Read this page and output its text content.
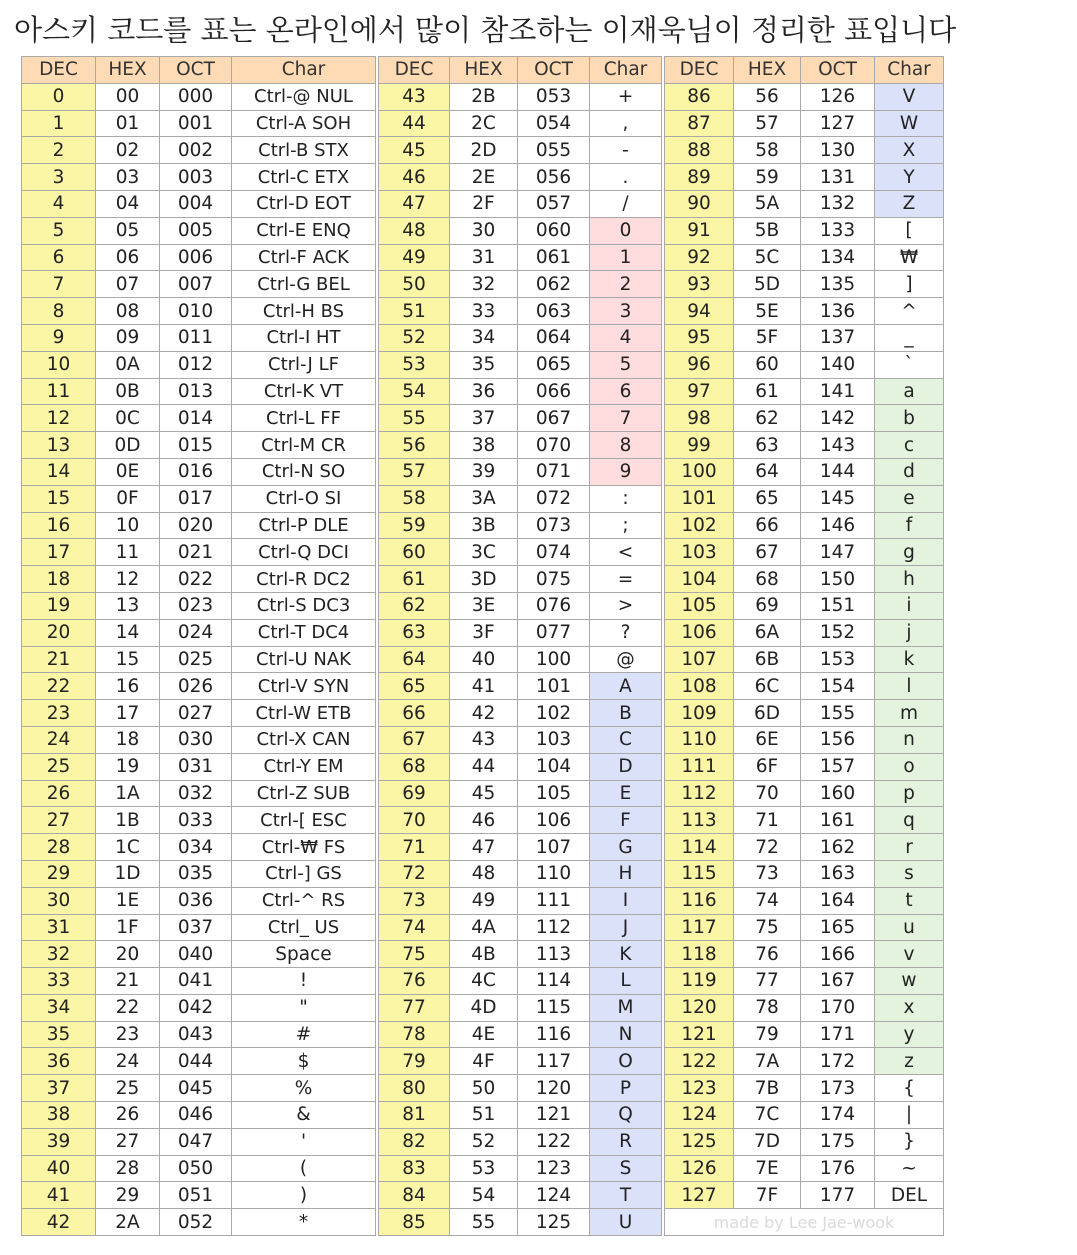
아스키 코드를 표는 온라인에서 많이 참조하는 이재욱님이 정리한 표입니다
DEC	HEX	OCT	Char		DEC	HEX	OCT	Char		DEC	HEX	OCT	Char
0	00	000	Ctrl-@ NUL		43	2B	053	+		86	56	126	V
1	01	001	Ctrl-A SOH		44	2C	054	,		87	57	127	W
2	02	002	Ctrl-B STX		45	2D	055	-		88	58	130	X
3	03	003	Ctrl-C ETX		46	2E	056	.		89	59	131	Y
4	04	004	Ctrl-D EOT		47	2F	057	/		90	5A	132	Z
5	05	005	Ctrl-E ENQ		48	30	060	0		91	5B	133	[
6	06	006	Ctrl-F ACK		49	31	061	1		92	5C	134	₩
7	07	007	Ctrl-G BEL		50	32	062	2		93	5D	135	]
8	08	010	Ctrl-H BS		51	33	063	3		94	5E	136	^
9	09	011	Ctrl-I HT		52	34	064	4		95	5F	137	_
10	0A	012	Ctrl-J LF		53	35	065	5		96	60	140	`
11	0B	013	Ctrl-K VT		54	36	066	6		97	61	141	a
12	0C	014	Ctrl-L FF		55	37	067	7		98	62	142	b
13	0D	015	Ctrl-M CR		56	38	070	8		99	63	143	c
14	0E	016	Ctrl-N SO		57	39	071	9		100	64	144	d
15	0F	017	Ctrl-O SI		58	3A	072	:		101	65	145	e
16	10	020	Ctrl-P DLE		59	3B	073	;		102	66	146	f
17	11	021	Ctrl-Q DCI		60	3C	074	<		103	67	147	g
18	12	022	Ctrl-R DC2		61	3D	075	=		104	68	150	h
19	13	023	Ctrl-S DC3		62	3E	076	>		105	69	151	i
20	14	024	Ctrl-T DC4		63	3F	077	?		106	6A	152	j
21	15	025	Ctrl-U NAK		64	40	100	@		107	6B	153	k
22	16	026	Ctrl-V SYN		65	41	101	A		108	6C	154	l
23	17	027	Ctrl-W ETB		66	42	102	B		109	6D	155	m
24	18	030	Ctrl-X CAN		67	43	103	C		110	6E	156	n
25	19	031	Ctrl-Y EM		68	44	104	D		111	6F	157	o
26	1A	032	Ctrl-Z SUB		69	45	105	E		112	70	160	p
27	1B	033	Ctrl-[ ESC		70	46	106	F		113	71	161	q
28	1C	034	Ctrl-₩ FS		71	47	107	G		114	72	162	r
29	1D	035	Ctrl-] GS		72	48	110	H		115	73	163	s
30	1E	036	Ctrl-^ RS		73	49	111	I		116	74	164	t
31	1F	037	Ctrl_ US		74	4A	112	J		117	75	165	u
32	20	040	Space		75	4B	113	K		118	76	166	v
33	21	041	!		76	4C	114	L		119	77	167	w
34	22	042	"		77	4D	115	M		120	78	170	x
35	23	043	#		78	4E	116	N		121	79	171	y
36	24	044	$		79	4F	117	O		122	7A	172	z
37	25	045	%		80	50	120	P		123	7B	173	{
38	26	046	&		81	51	121	Q		124	7C	174	|
39	27	047	'		82	52	122	R		125	7D	175	}
40	28	050	(		83	53	123	S		126	7E	176	~
41	29	051	)		84	54	124	T		127	7F	177	DEL
42	2A	052	*		85	55	125	U		made by Lee Jae-wook			
